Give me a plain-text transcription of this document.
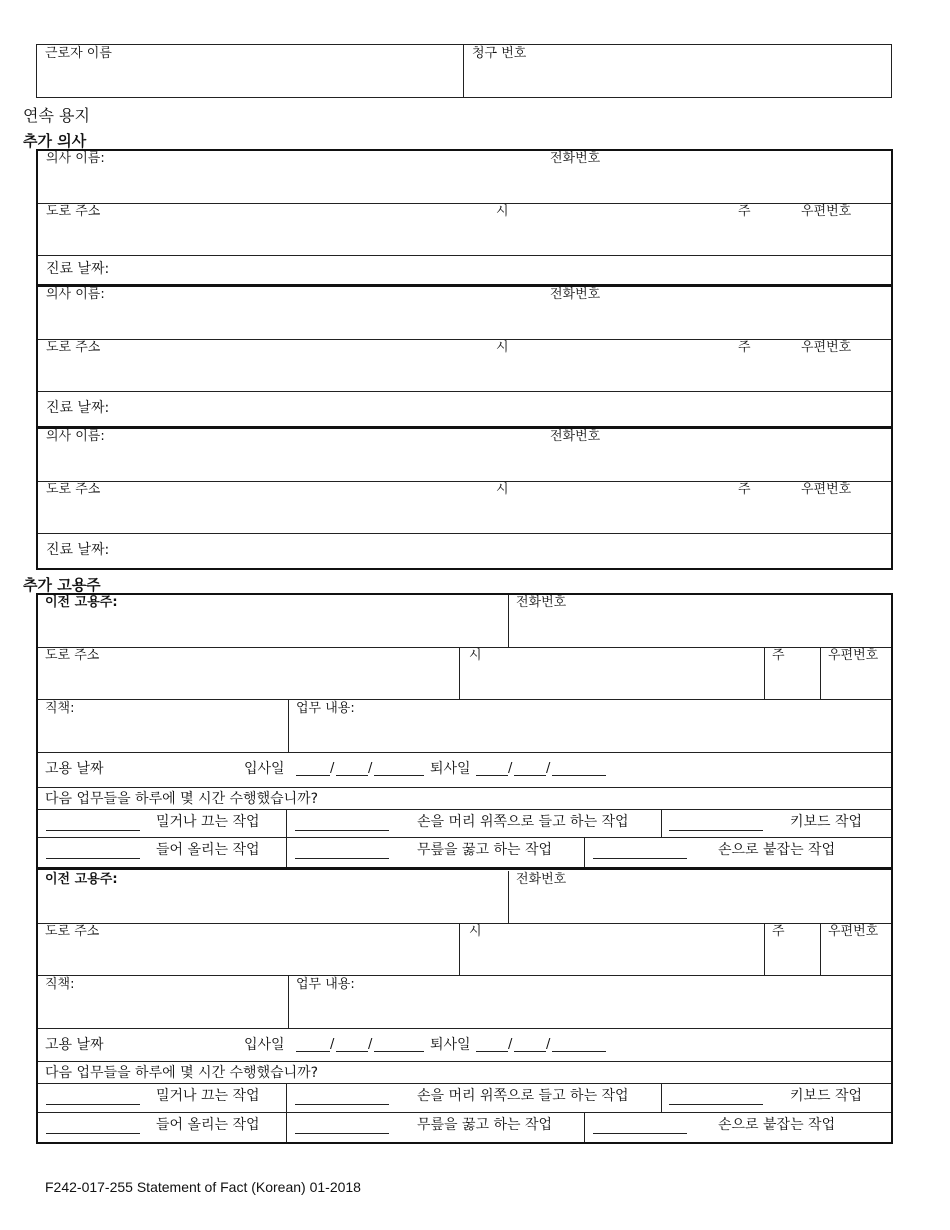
근로자 이름	청구 번호
연속 용지
추가 의사
의사 이름:	전화번호
도로 주소	시	주	우편번호
진료 날짜:
의사 이름:	전화번호
도로 주소	시	주	우편번호
진료 날짜:
의사 이름:	전화번호
도로 주소	시	주	우편번호
진료 날짜:
추가 고용주
이전 고용주:	전화번호
도로 주소	시	주	우편번호
직책:	업무 내용:
고용 날짜	입사일	/	/	퇴사일	/	/
다음 업무들을 하루에 몇 시간 수행했습니까?
밀거나 끄는 작업	손을 머리 위쪽으로 들고 하는 작업	키보드 작업
들어 올리는 작업	무릎을 꿇고 하는 작업	손으로 붙잡는 작업
이전 고용주:	전화번호
도로 주소	시	주	우편번호
직책:	업무 내용:
고용 날짜	입사일	/	/	퇴사일	/	/
다음 업무들을 하루에 몇 시간 수행했습니까?
밀거나 끄는 작업	손을 머리 위쪽으로 들고 하는 작업	키보드 작업
들어 올리는 작업	무릎을 꿇고 하는 작업	손으로 붙잡는 작업
F242-017-255 Statement of Fact (Korean) 01-2018
